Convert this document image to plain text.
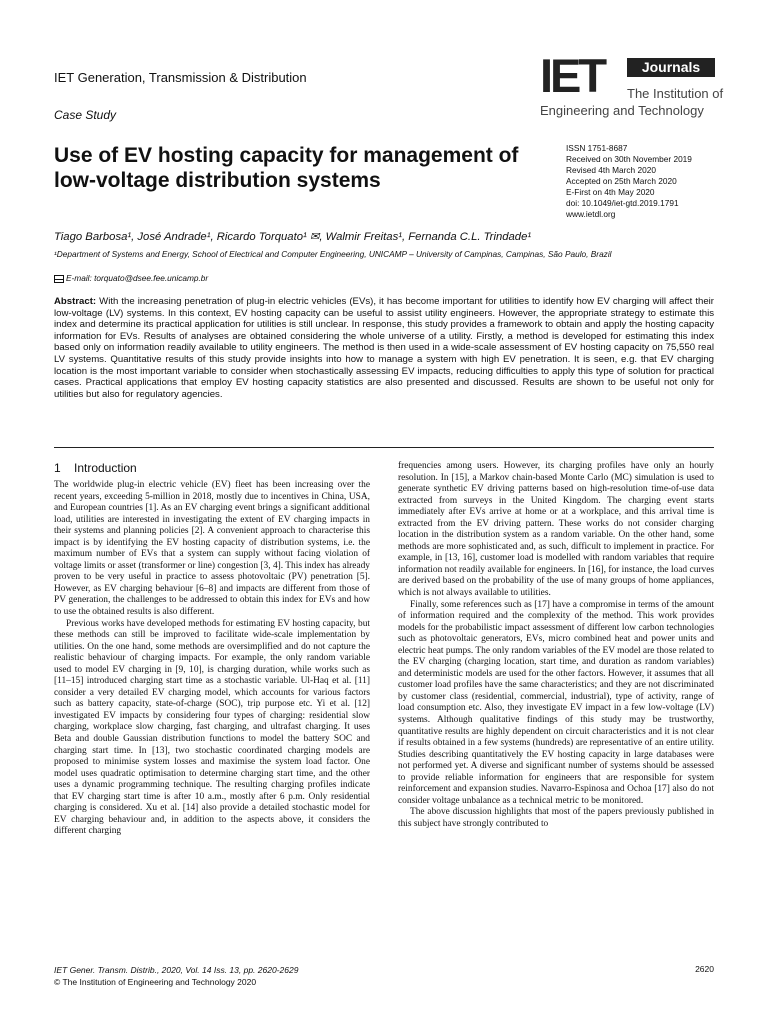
IET Generation, Transmission & Distribution
Case Study
IET	Journals
The Institution of
Engineering and Technology
Use of EV hosting capacity for management of low-voltage distribution systems
ISSN 1751-8687
Received on 30th November 2019
Revised 4th March 2020
Accepted on 25th March 2020
E-First on 4th May 2020
doi: 10.1049/iet-gtd.2019.1791
www.ietdl.org
Tiago Barbosa¹, José Andrade¹, Ricardo Torquato¹ ✉, Walmir Freitas¹, Fernanda C.L. Trindade¹
¹Department of Systems and Energy, School of Electrical and Computer Engineering, UNICAMP – University of Campinas, Campinas, São Paulo, Brazil
E-mail: torquato@dsee.fee.unicamp.br
Abstract: With the increasing penetration of plug-in electric vehicles (EVs), it has become important for utilities to identify how EV charging will affect their low-voltage (LV) systems. In this context, EV hosting capacity can be useful to assist utility engineers. However, the appropriate strategy to estimate this index and determine its practical application for utilities is still unclear. In response, this study provides a framework to obtain and apply the hosting capacity information for EVs. Results of analyses are obtained considering the whole universe of a utility. Firstly, a method is developed for estimating this index based only on information readily available to utility engineers. The method is then used in a wide-scale assessment of EV hosting capacity on 75,550 real LV systems. Quantitative results of this study provide insights into how to manage a system with high EV penetration. It is seen, e.g. that EV charging location is the most important variable to consider when stochastically assessing EV impacts, reducing difficulties to apply this type of solution for practical cases. Practical applications that employ EV hosting capacity statistics are also presented and discussed. Results are shown to be useful not only for utilities but also for regulatory agencies.
1 Introduction

The worldwide plug-in electric vehicle (EV) fleet has been increasing over the recent years, exceeding 5-million in 2018, mostly due to incentives in China, USA, and European countries [1]. As an EV charging event brings a significant additional load, utilities are interested in investigating the extent of EV charging impacts in their systems and planning policies [2]. A convenient approach to characterise this impact is by identifying the EV hosting capacity of distribution systems, i.e. the maximum number of EVs that a system can supply without facing violation of voltage limits or asset (transformer or line) congestion [3, 4]. This index has already proven to be very useful in practice to assess photovoltaic (PV) penetration [5]. However, as EV charging behaviour [6–8] and impacts are different from those of PV generation, the challenges to be addressed to obtain this index for EVs and how to use the obtained results is also different.

Previous works have developed methods for estimating EV hosting capacity, but these methods can still be improved to facilitate wide-scale implementation by utilities. On the one hand, some methods are oversimplified and do not capture the realistic behaviour of charging impacts. For example, the only random variable used to model EV charging in [9, 10], is charging duration, while works such as [11–15] introduced charging start time as a stochastic variable. Ul-Haq et al. [11] consider a very detailed EV charging model, which accounts for various factors such as battery capacity, state-of-charge (SOC), trip purpose etc. Yi et al. [12] investigated EV impacts by considering four types of charging: residential slow charging, workplace slow charging, fast charging, and ultrafast charging. It uses Beta and double Gaussian distribution functions to model the battery SOC and charging start time. In [13], two stochastic coordinated charging models are proposed to minimise system losses and maximise the system load factor. One model uses quadratic optimisation to determine charging start time, and the other uses a dynamic programming technique. The resulting charging profiles indicate that EV charging start time is after 10 a.m., mostly after 6 p.m. Only residential charging is considered. Xu et al. [14] also provide a detailed stochastic model for EV charging behaviour and, in addition to the aspects above, it considers the different charging

frequencies among users. However, its charging profiles have only an hourly resolution. In [15], a Markov chain-based Monte Carlo (MC) simulation is used to generate synthetic EV driving patterns based on high-resolution time-of-use data extracted from surveys in the United Kingdom. The charging event starts immediately after EVs arrive at home or at a workplace, and this arrival time is extracted from the EV driving pattern. These works do not consider charging location in the distribution system as a random variable. On the other hand, some methods are more sophisticated and, as such, difficult to implement in practice. For example, in [13, 16], customer load is modelled with random variables that require information not readily available for engineers. In [16], for instance, the load curves are derived based on the probability of the use of many groups of home appliances, which is not always available to utilities.

Finally, some references such as [17] have a compromise in terms of the amount of information required and the complexity of the method. This work provides models for the probabilistic impact assessment of different low carbon technologies such as photovoltaic generators, EVs, micro combined heat and power units and electric heat pumps. The only random variables of the EV model are those related to the EV charging (charging location, start time, and duration as random variables) and deterministic models are used for the other factors. However, it assumes that all customer load profiles have the same characteristics; and they are not discriminated by customer class (residential, commercial, industrial), type of activity, range of load consumption etc. Also, they investigate EV impact in a few low-voltage (LV) systems. Although qualitative findings of this study may be trustworthy, quantitative results are highly dependent on circuit characteristics and it is not clear if results obtained in a few systems (hundreds) are representative of an entire utility. Studies describing quantitatively the EV hosting capacity in large databases were not performed yet. A diverse and significant number of systems should be assessed to provide reliable information for engineers that are responsible for system reinforcement and expansion studies. Navarro-Espinosa and Ochoa [17] also do not consider voltage unbalance as a technical metric to be monitored.

The above discussion highlights that most of the papers previously published in this subject have strongly contributed to

IET Gener. Transm. Distrib., 2020, Vol. 14 Iss. 13, pp. 2620-2629
© The Institution of Engineering and Technology 2020
2620
